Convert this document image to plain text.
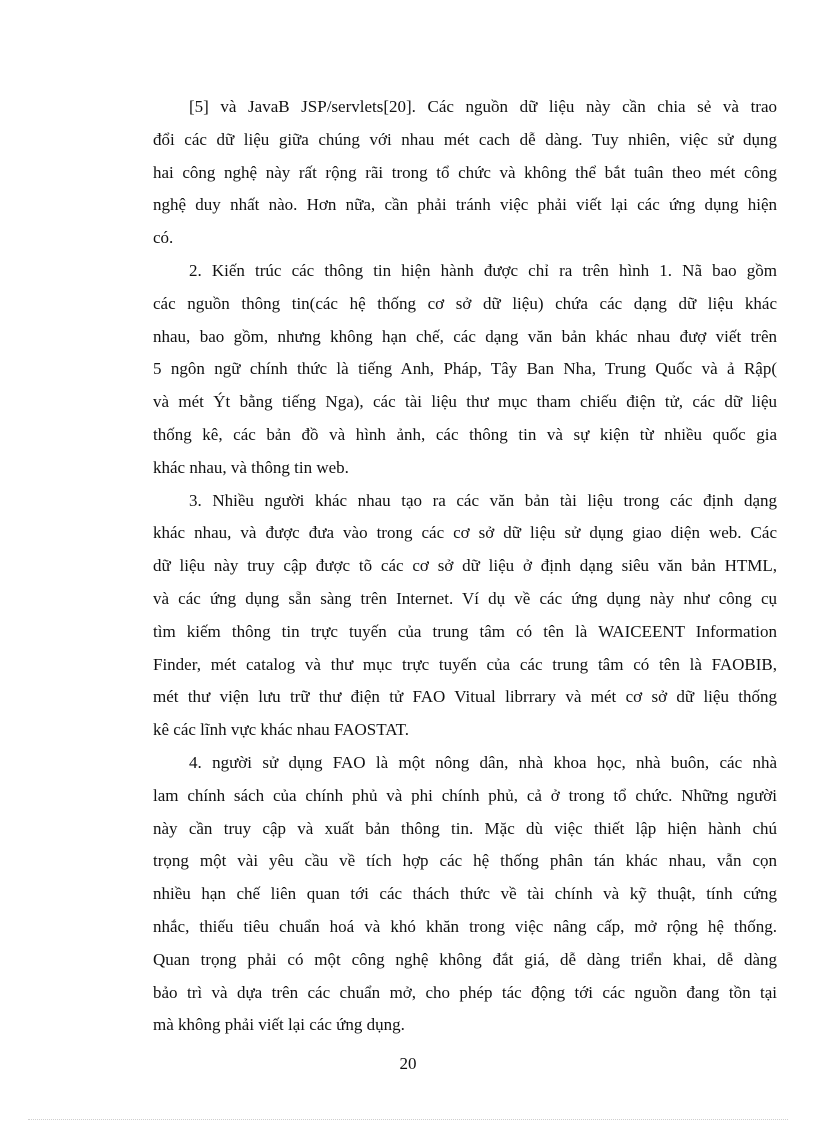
[5] và JavaB JSP/servlets[20]. Các nguồn dữ liệu này cần chia sẻ và trao
đổi các dữ liệu giữa chúng với nhau mét cach dễ dàng. Tuy nhiên, việc sử dụng
hai công nghệ này rất rộng rãi trong tổ chức và không thể bắt tuân theo mét công
nghệ duy nhất nào. Hơn nữa, cần phải tránh việc phải viết lại các ứng dụng hiện
có.

2. Kiến trúc các thông tin hiện hành được chỉ ra trên hình 1. Nã bao gồm
các nguồn thông tin(các hệ thống cơ sở dữ liệu) chứa các dạng dữ liệu khác
nhau, bao gồm, nhưng không hạn chế, các dạng văn bản khác nhau đượ viết trên
5 ngôn ngữ chính thức là tiếng Anh, Pháp, Tây Ban Nha, Trung Quốc và ả Rập(
và mét Ýt bằng tiếng Nga), các tài liệu thư mục tham chiếu điện tử, các dữ liệu
thống kê, các bản đồ và hình ảnh, các thông tin và sự kiện từ nhiều quốc gia
khác nhau, và thông tin web.

3. Nhiều người khác nhau tạo ra các văn bản tài liệu trong các định dạng
khác nhau, và được đưa vào trong các cơ sở dữ liệu sử dụng giao diện web. Các
dữ liệu này truy cập được tõ các cơ sở dữ liệu ở định dạng siêu văn bản HTML,
và các ứng dụng sẵn sàng trên Internet. Ví dụ về các ứng dụng này như công cụ
tìm kiếm thông tin trực tuyến của trung tâm có tên là WAICEENT Information
Finder, mét catalog và thư mục trực tuyến của các trung tâm có tên là FAOBIB,
mét thư viện lưu trữ thư điện tử FAO Vitual librrary và mét cơ sở dữ liệu thống
kê các lĩnh vực khác nhau FAOSTAT.

4. người sử dụng FAO là một nông dân, nhà khoa học, nhà buôn, các nhà
lam chính sách của chính phủ và phi chính phủ, cả ở trong tổ chức. Những người
này cần truy cập và xuất bản thông tin. Mặc dù việc thiết lập hiện hành chú
trọng một vài yêu cầu về tích hợp các hệ thống phân tán khác nhau, vẫn cọn
nhiều hạn chế liên quan tới các thách thức về tài chính và kỹ thuật, tính cứng
nhắc, thiếu tiêu chuẩn hoá và khó khăn trong việc nâng cấp, mở rộng hệ thống.
Quan trọng phải có một công nghệ không đắt giá, dễ dàng triển khai, dễ dàng
bảo trì và dựa trên các chuẩn mở, cho phép tác động tới các nguồn đang tồn tại
mà không phải viết lại các ứng dụng.

20
